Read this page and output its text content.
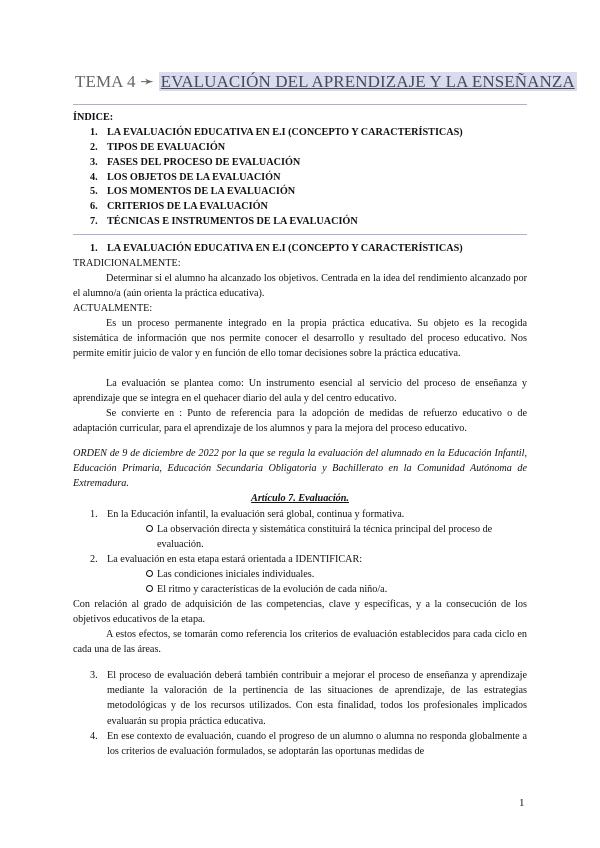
TEMA 4 ➛ EVALUACIÓN DEL APRENDIZAJE Y LA ENSEÑANZA
ÍNDICE:
1. LA EVALUACIÓN EDUCATIVA EN E.I (CONCEPTO Y CARACTERÍSTICAS)
2. TIPOS DE EVALUACIÓN
3. FASES DEL PROCESO DE EVALUACIÓN
4. LOS OBJETOS DE LA EVALUACIÓN
5. LOS MOMENTOS DE LA EVALUACIÓN
6. CRITERIOS DE LA EVALUACIÓN
7. TÉCNICAS E INSTRUMENTOS DE LA EVALUACIÓN
1. LA EVALUACIÓN EDUCATIVA EN E.I (CONCEPTO Y CARACTERÍSTICAS)
TRADICIONALMENTE:
Determinar si el alumno ha alcanzado los objetivos. Centrada en la idea del rendimiento alcanzado por el alumno/a (aún orienta la práctica educativa).
ACTUALMENTE:
Es un proceso permanente integrado en la propia práctica educativa. Su objeto es la recogida sistemática de información que nos permite conocer el desarrollo y resultado del proceso educativo. Nos permite emitir juicio de valor y en función de ello tomar decisiones sobre la práctica educativa.
La evaluación se plantea como: Un instrumento esencial al servicio del proceso de enseñanza y aprendizaje que se integra en el quehacer diario del aula y del centro educativo.
Se convierte en : Punto de referencia para la adopción de medidas de refuerzo educativo o de adaptación curricular, para el aprendizaje de los alumnos y para la mejora del proceso educativo.
ORDEN de 9 de diciembre de 2022 por la que se regula la evaluación del alumnado en la Educación Infantil, Educación Primaria, Educación Secundaria Obligatoria y Bachillerato en la Comunidad Autónoma de Extremadura.
Artículo 7. Evaluación.
1. En la Educación infantil, la evaluación será global, continua y formativa.
La observación directa y sistemática constituirá la técnica principal del proceso de evaluación.
2. La evaluación en esta etapa estará orientada a IDENTIFICAR:
Las condiciones iniciales individuales.
El ritmo y características de la evolución de cada niño/a.
Con relación al grado de adquisición de las competencias, clave y específicas, y a la consecución de los objetivos educativos de la etapa.
A estos efectos, se tomarán como referencia los criterios de evaluación establecidos para cada ciclo en cada una de las áreas.
3. El proceso de evaluación deberá también contribuir a mejorar el proceso de enseñanza y aprendizaje mediante la valoración de la pertinencia de las situaciones de aprendizaje, de las estrategias metodológicas y de los recursos utilizados. Con esta finalidad, todos los profesionales implicados evaluarán su propia práctica educativa.
4. En ese contexto de evaluación, cuando el progreso de un alumno o alumna no responda globalmente a los criterios de evaluación formulados, se adoptarán las oportunas medidas de
1
